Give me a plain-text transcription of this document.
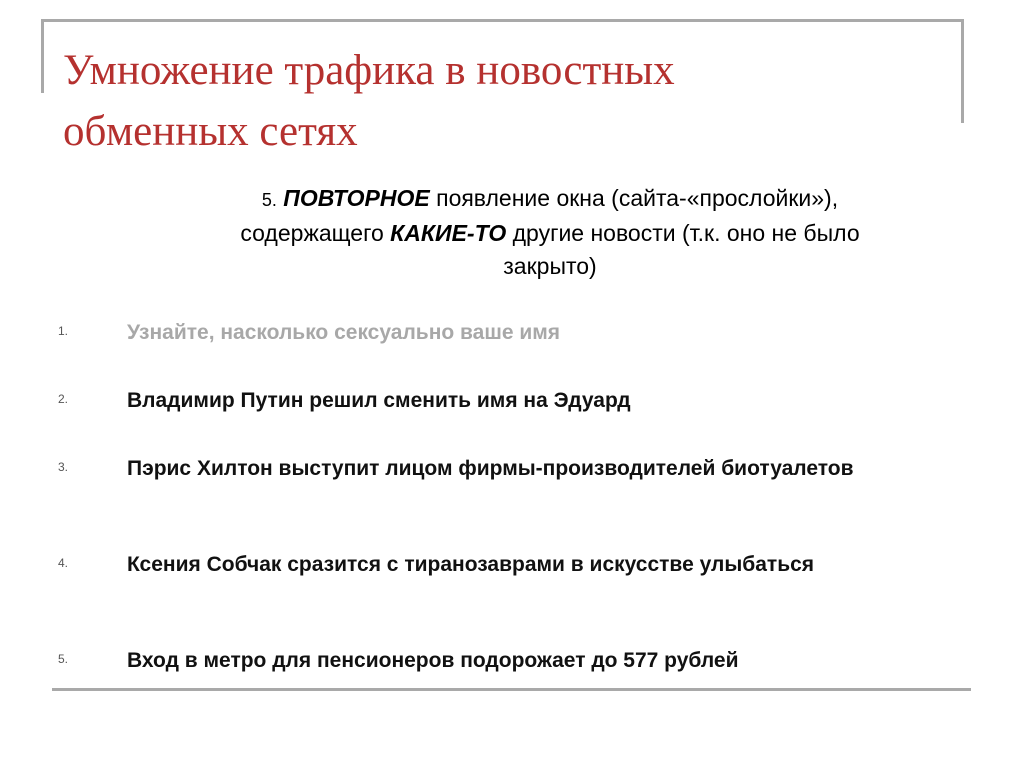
Умножение трафика в новостных
обменных сетях

5. ПОВТОРНОЕ появление окна (сайта-«прослойки»),
содержащего КАКИЕ-ТО другие новости (т.к. оно не было
закрыто)

1.	Узнайте, насколько сексуально ваше имя
2.	Владимир Путин решил сменить имя на Эдуард
3.	Пэрис Хилтон выступит лицом фирмы-производителей биотуалетов
4.	Ксения Собчак сразится с тиранозаврами в искусстве улыбаться
5.	Вход в метро для пенсионеров подорожает до 577 рублей
